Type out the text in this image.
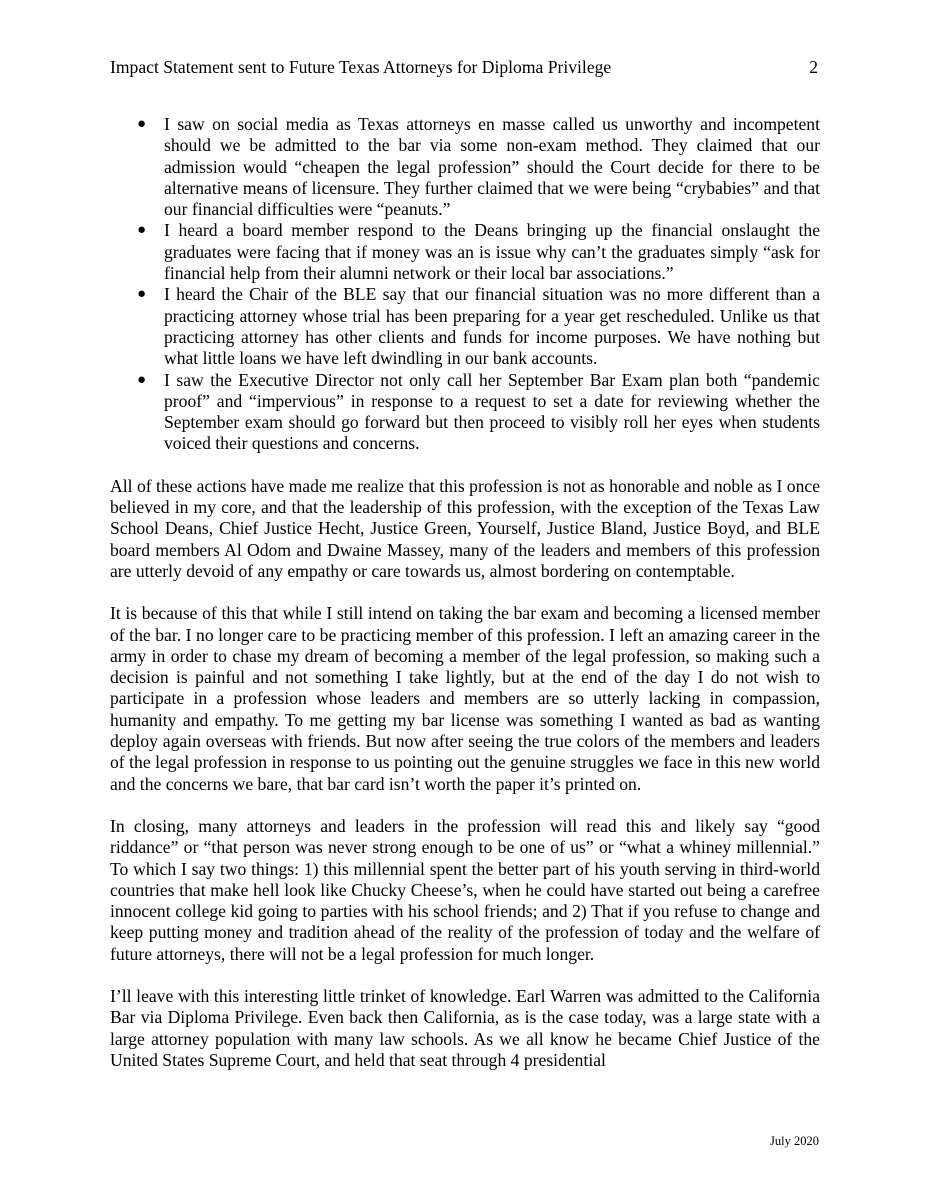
Impact Statement sent to Future Texas Attorneys for Diploma Privilege	2
● I saw on social media as Texas attorneys en masse called us unworthy and incompetent should we be admitted to the bar via some non-exam method. They claimed that our admission would “cheapen the legal profession” should the Court decide for there to be alternative means of licensure. They further claimed that we were being “crybabies” and that our financial difficulties were “peanuts.”
● I heard a board member respond to the Deans bringing up the financial onslaught the graduates were facing that if money was an is issue why can’t the graduates simply “ask for financial help from their alumni network or their local bar associations.”
● I heard the Chair of the BLE say that our financial situation was no more different than a practicing attorney whose trial has been preparing for a year get rescheduled. Unlike us that practicing attorney has other clients and funds for income purposes. We have nothing but what little loans we have left dwindling in our bank accounts.
● I saw the Executive Director not only call her September Bar Exam plan both “pandemic proof” and “impervious” in response to a request to set a date for reviewing whether the September exam should go forward but then proceed to visibly roll her eyes when students voiced their questions and concerns.

All of these actions have made me realize that this profession is not as honorable and noble as I once believed in my core, and that the leadership of this profession, with the exception of the Texas Law School Deans, Chief Justice Hecht, Justice Green, Yourself, Justice Bland, Justice Boyd, and BLE board members Al Odom and Dwaine Massey, many of the leaders and members of this profession are utterly devoid of any empathy or care towards us, almost bordering on contemptable.

It is because of this that while I still intend on taking the bar exam and becoming a licensed member of the bar. I no longer care to be practicing member of this profession. I left an amazing career in the army in order to chase my dream of becoming a member of the legal profession, so making such a decision is painful and not something I take lightly, but at the end of the day I do not wish to participate in a profession whose leaders and members are so utterly lacking in compassion, humanity and empathy. To me getting my bar license was something I wanted as bad as wanting deploy again overseas with friends. But now after seeing the true colors of the members and leaders of the legal profession in response to us pointing out the genuine struggles we face in this new world and the concerns we bare, that bar card isn’t worth the paper it’s printed on.

In closing, many attorneys and leaders in the profession will read this and likely say “good riddance” or “that person was never strong enough to be one of us” or “what a whiney millennial.” To which I say two things: 1) this millennial spent the better part of his youth serving in third-world countries that make hell look like Chucky Cheese’s, when he could have started out being a carefree innocent college kid going to parties with his school friends; and 2) That if you refuse to change and keep putting money and tradition ahead of the reality of the profession of today and the welfare of future attorneys, there will not be a legal profession for much longer.

I’ll leave with this interesting little trinket of knowledge. Earl Warren was admitted to the California Bar via Diploma Privilege. Even back then California, as is the case today, was a large state with a large attorney population with many law schools. As we all know he became Chief Justice of the United States Supreme Court, and held that seat through 4 presidential

July 2020
